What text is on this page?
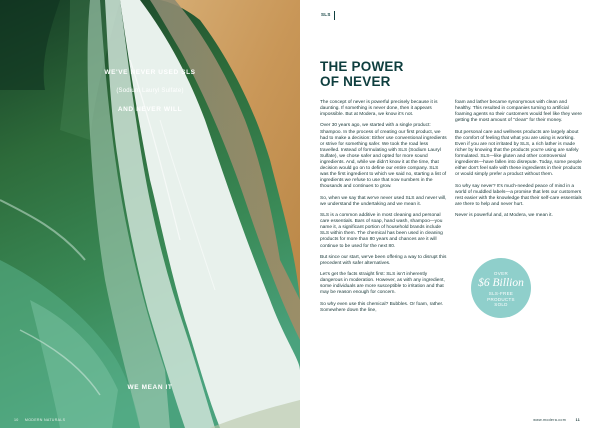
WE'VE NEVER USED SLS
(Sodium Lauryl Sulfate)
AND NEVER WILL
WE MEAN IT
10 MODERN NATURALS
SLS
THE POWER
OF NEVER

The concept of never is powerful precisely because it is daunting. If something is never done, then it appears impossible. But at Modera, we know it's not.

Over 30 years ago, we started with a single product: Shampoo. In the process of creating our first product, we had to make a decision: Either use conventional ingredients or strive for something safer. We took the road less travelled. Instead of formulating with SLS (Sodium Lauryl Sulfate), we chose safer and opted for more sound ingredients. And, while we didn't know it at the time, that decision would go on to define our entire company. SLS was the first ingredient to which we said no, starting a list of ingredients we refuse to use that now numbers in the thousands and continues to grow.

So, when we say that we've never used SLS and never will, we understand the undertaking and we mean it.

SLS is a common additive in most cleaning and personal care essentials. Bars of soap, hand wash, shampoo—you name it, a significant portion of household brands include SLS within them. The chemical has been used in cleaning products for more than 80 years and chances are it will continue to be used for the next 80.

But since our start, we've been offering a way to disrupt this precedent with safer alternatives.

Let's get the facts straight first: SLS isn't inherently dangerous in moderation. However, as with any ingredient, some individuals are more susceptible to irritation and that may be reason enough for concern.

So why even use this chemical? Bubbles. Or foam, rather. Somewhere down the line,

foam and lather became synonymous with clean and healthy. This resulted in companies turning to artificial foaming agents so their customers would feel like they were getting the most amount of "clean" for their money.

But personal care and wellness products are largely about the comfort of feeling that what you are using is working. Even if you are not irritated by SLS, a rich lather is made richer by knowing that the products you're using are safely formulated. SLS—like gluten and other controversial ingredients—have fallen into disrepute. Today, some people either don't feel safe with these ingredients in their products or would simply prefer a product without them.

So why say never? It's much-needed peace of mind in a world of muddled labels—a promise that lets our customers rest easier with the knowledge that their self-care essentials are there to help and never hurt.

Never is powerful and, at Modera, we mean it.

OVER
$6 Billion
SLS-FREE
PRODUCTS
SOLD
www.modera.com	11
